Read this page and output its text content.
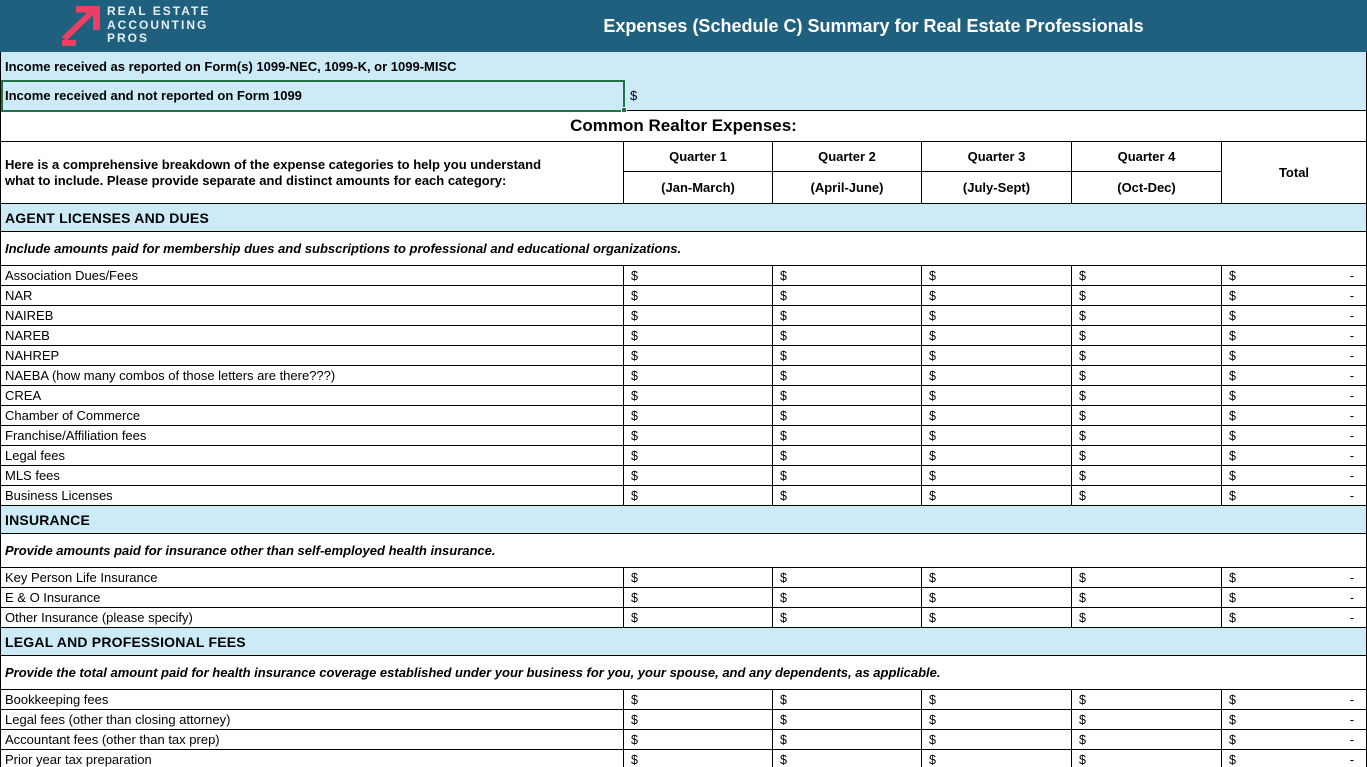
REAL ESTATE
ACCOUNTING
PROS
Expenses (Schedule C) Summary for Real Estate Professionals
Income received as reported on Form(s) 1099-NEC, 1099-K, or 1099-MISC
Income received and not reported on Form 1099	$
Common Realtor Expenses:
Here is a comprehensive breakdown of the expense categories to help you understand
what to include. Please provide separate and distinct amounts for each category:
Quarter 1	Quarter 2	Quarter 3	Quarter 4
Total
(Jan-March)	(April-June)	(July-Sept)	(Oct-Dec)
AGENT LICENSES AND DUES
Include amounts paid for membership dues and subscriptions to professional and educational organizations.
Association Dues/Fees	$	$	$	$	$	-
NAR	$	$	$	$	$	-
NAIREB	$	$	$	$	$	-
NAREB	$	$	$	$	$	-
NAHREP	$	$	$	$	$	-
NAEBA (how many combos of those letters are there???)	$	$	$	$	$	-
CREA	$	$	$	$	$	-
Chamber of Commerce	$	$	$	$	$	-
Franchise/Affiliation fees	$	$	$	$	$	-
Legal fees	$	$	$	$	$	-
MLS fees	$	$	$	$	$	-
Business Licenses	$	$	$	$	$	-
INSURANCE
Provide amounts paid for insurance other than self-employed health insurance.
Key Person Life Insurance	$	$	$	$	$	-
E & O Insurance	$	$	$	$	$	-
Other Insurance (please specify)	$	$	$	$	$	-
LEGAL AND PROFESSIONAL FEES
Provide the total amount paid for health insurance coverage established under your business for you, your spouse, and any dependents, as applicable.
Bookkeeping fees	$	$	$	$	$	-
Legal fees (other than closing attorney)	$	$	$	$	$	-
Accountant fees (other than tax prep)	$	$	$	$	$	-
Prior year tax preparation	$	$	$	$	$	-
